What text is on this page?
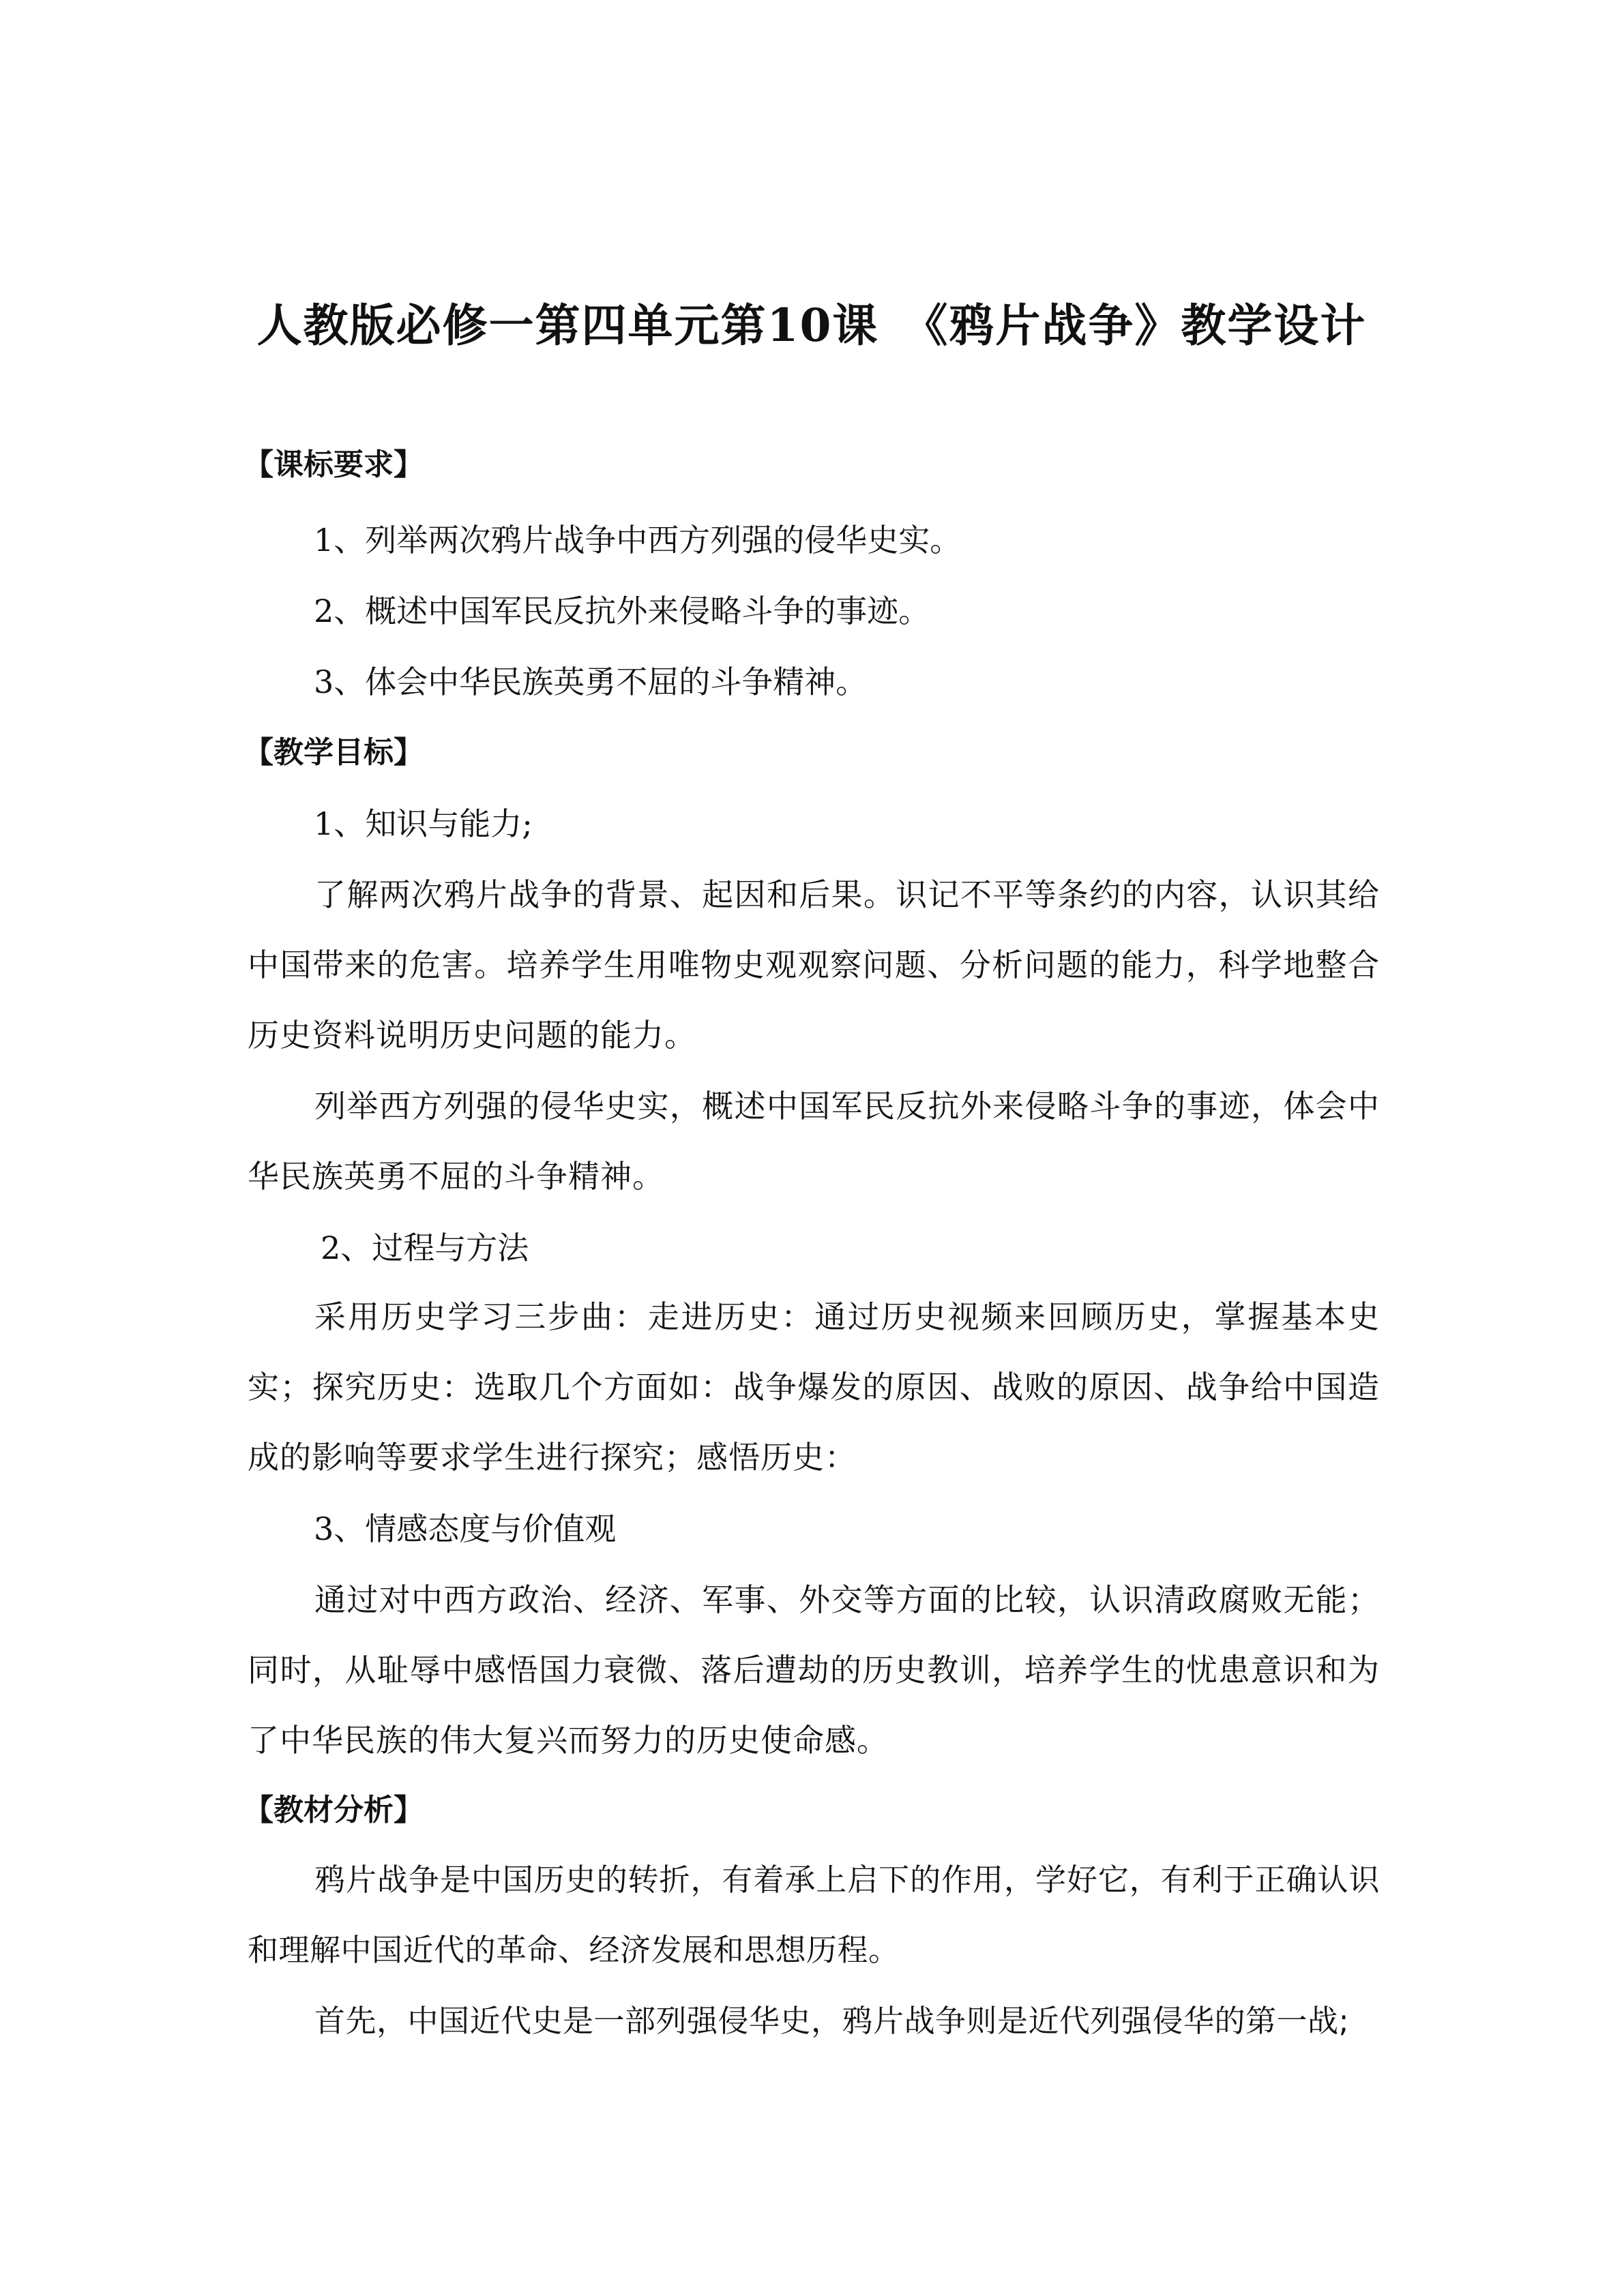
人教版必修一第四单元第10课　《鸦片战争》教学设计
【课标要求】
1、列举两次鸦片战争中西方列强的侵华史实。
2、概述中国军民反抗外来侵略斗争的事迹。
3、体会中华民族英勇不屈的斗争精神。
【教学目标】
1、知识与能力;
了解两次鸦片战争的背景、起因和后果。识记不平等条约的内容，认识其给中国带来的危害。培养学生用唯物史观观察问题、分析问题的能力，科学地整合历史资料说明历史问题的能力。
列举西方列强的侵华史实，概述中国军民反抗外来侵略斗争的事迹，体会中华民族英勇不屈的斗争精神。
2、过程与方法
采用历史学习三步曲：走进历史：通过历史视频来回顾历史，掌握基本史实；探究历史：选取几个方面如：战争爆发的原因、战败的原因、战争给中国造成的影响等要求学生进行探究；感悟历史：
3、情感态度与价值观
通过对中西方政治、经济、军事、外交等方面的比较，认识清政腐败无能；同时，从耻辱中感悟国力衰微、落后遭劫的历史教训，培养学生的忧患意识和为了中华民族的伟大复兴而努力的历史使命感。
【教材分析】
鸦片战争是中国历史的转折，有着承上启下的作用，学好它，有利于正确认识和理解中国近代的革命、经济发展和思想历程。
首先，中国近代史是一部列强侵华史，鸦片战争则是近代列强侵华的第一战;
